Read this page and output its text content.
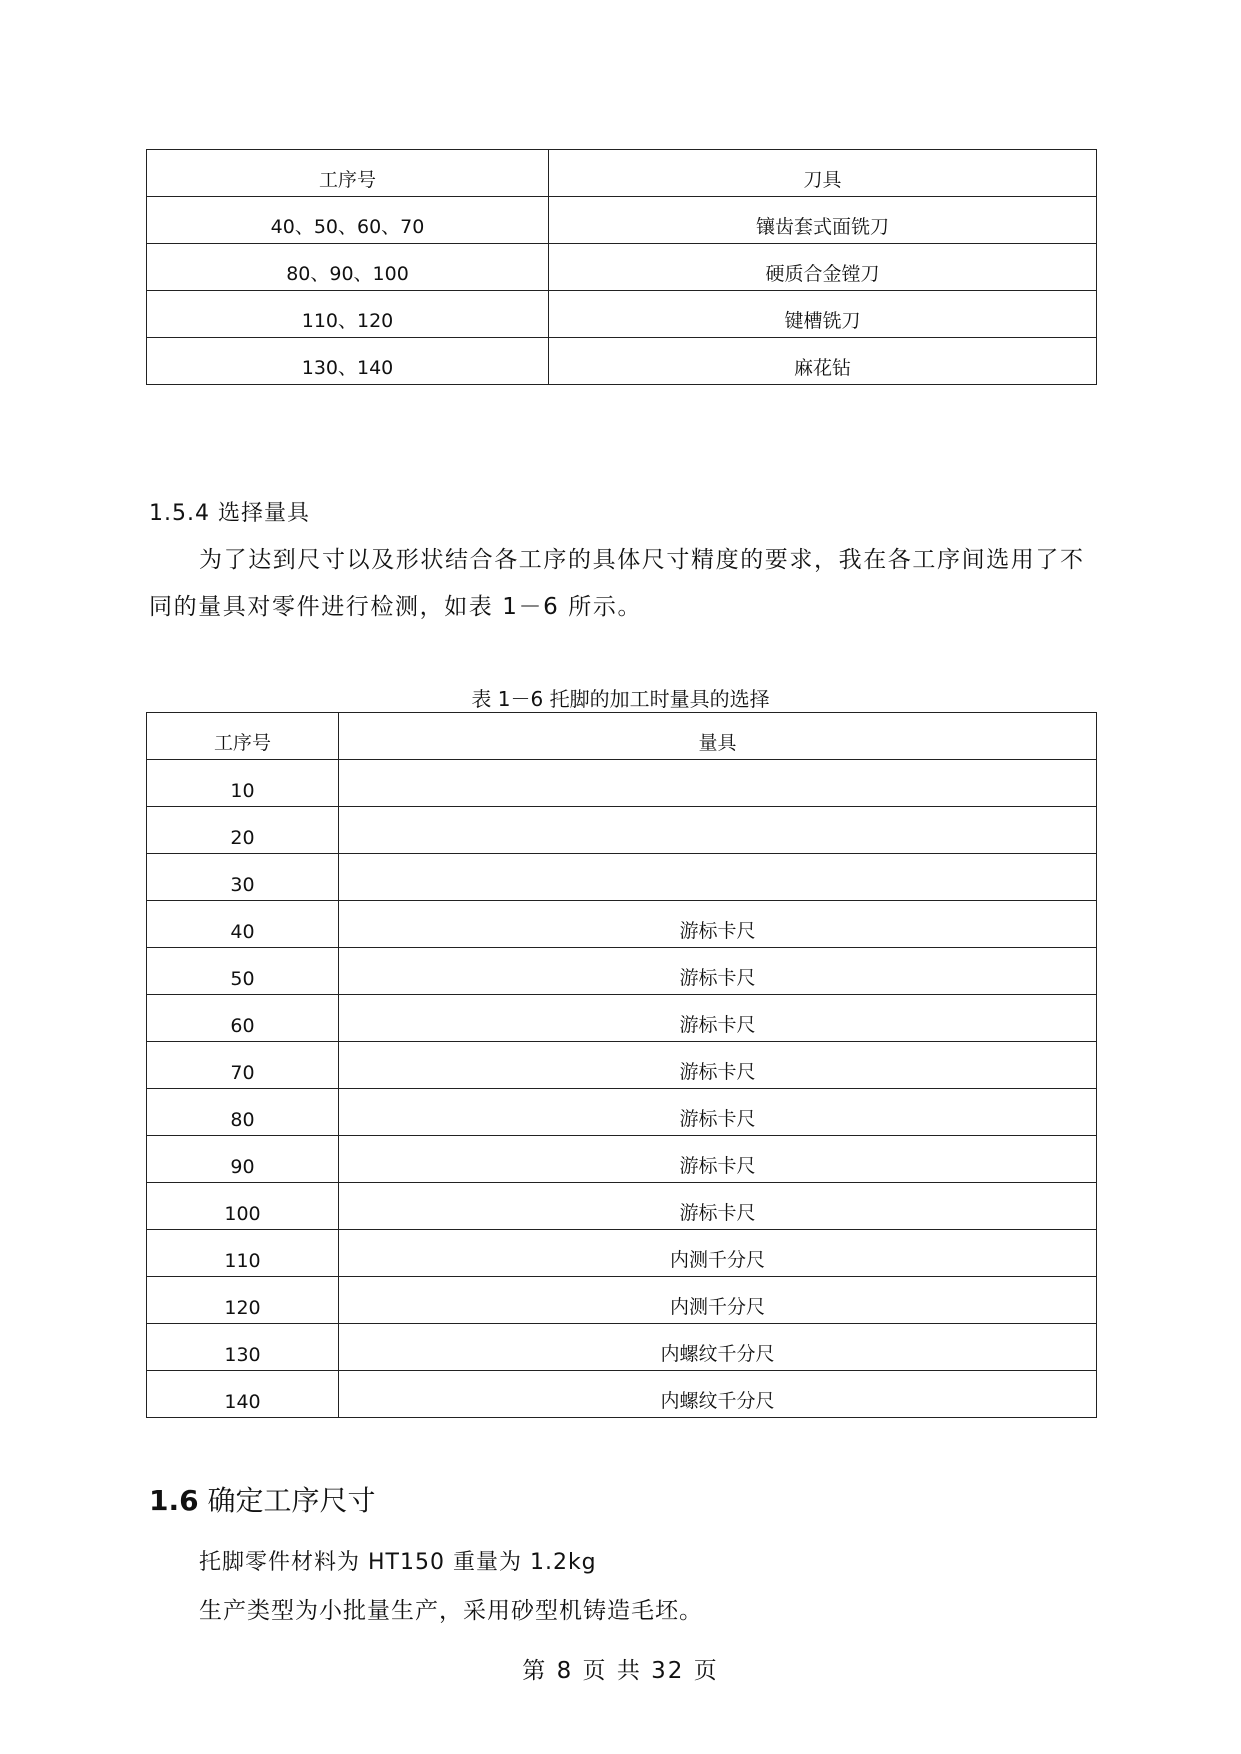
工序号	刀具
40、50、60、70	镶齿套式面铣刀
80、90、100	硬质合金镗刀
110、120	键槽铣刀
130、140	麻花钻
1.5.4 选择量具
为了达到尺寸以及形状结合各工序的具体尺寸精度的要求，我在各工序间选用了不
同的量具对零件进行检测，如表 1－6 所示。
表 1－6 托脚的加工时量具的选择
工序号	量具
10	
20	
30	
40	游标卡尺
50	游标卡尺
60	游标卡尺
70	游标卡尺
80	游标卡尺
90	游标卡尺
100	游标卡尺
110	内测千分尺
120	内测千分尺
130	内螺纹千分尺
140	内螺纹千分尺
1.6 确定工序尺寸
托脚零件材料为 HT150 重量为 1.2kg
生产类型为小批量生产，采用砂型机铸造毛坯。
第 8 页 共 32 页
